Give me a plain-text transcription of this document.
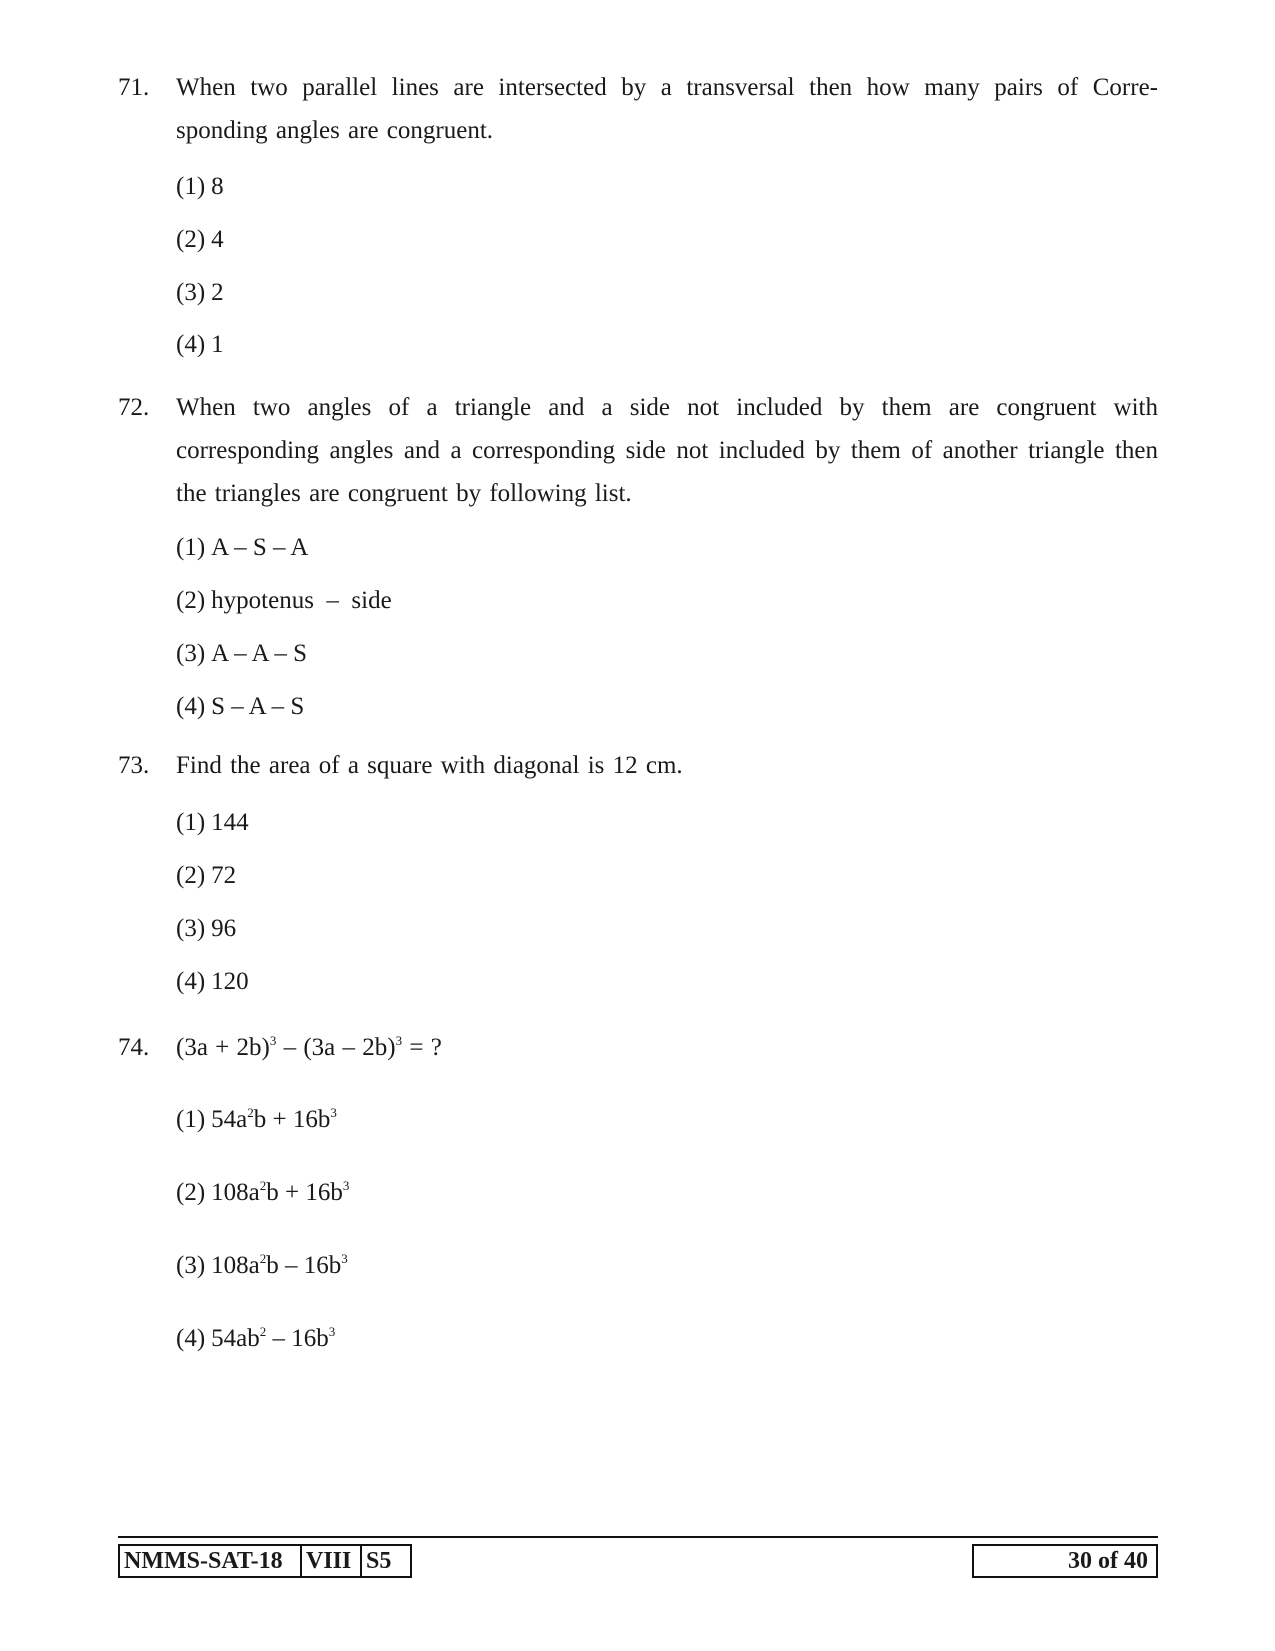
71. When two parallel lines are intersected by a transversal then how many pairs of Corre-sponding angles are congruent.
(1) 8
(2) 4
(3) 2
(4) 1
72. When two angles of a triangle and a side not included by them are congruent with corresponding angles and a corresponding side not included by them of another triangle then the triangles are congruent by following list.
(1) A – S – A
(2) hypotenus  –  side
(3) A – A – S
(4) S – A – S
73. Find the area of a square with diagonal is 12 cm.
(1) 144
(2) 72
(3) 96
(4) 120
74. $(3a + 2b)^3 - (3a - 2b)^3$ = ?
(1) $54a^2b + 16b^3$
(2) $108a^2b + 16b^3$
(3) $108a^2b - 16b^3$
(4) $54ab^2 - 16b^3$
NMMS-SAT-18 VIII S5	30 of 40
